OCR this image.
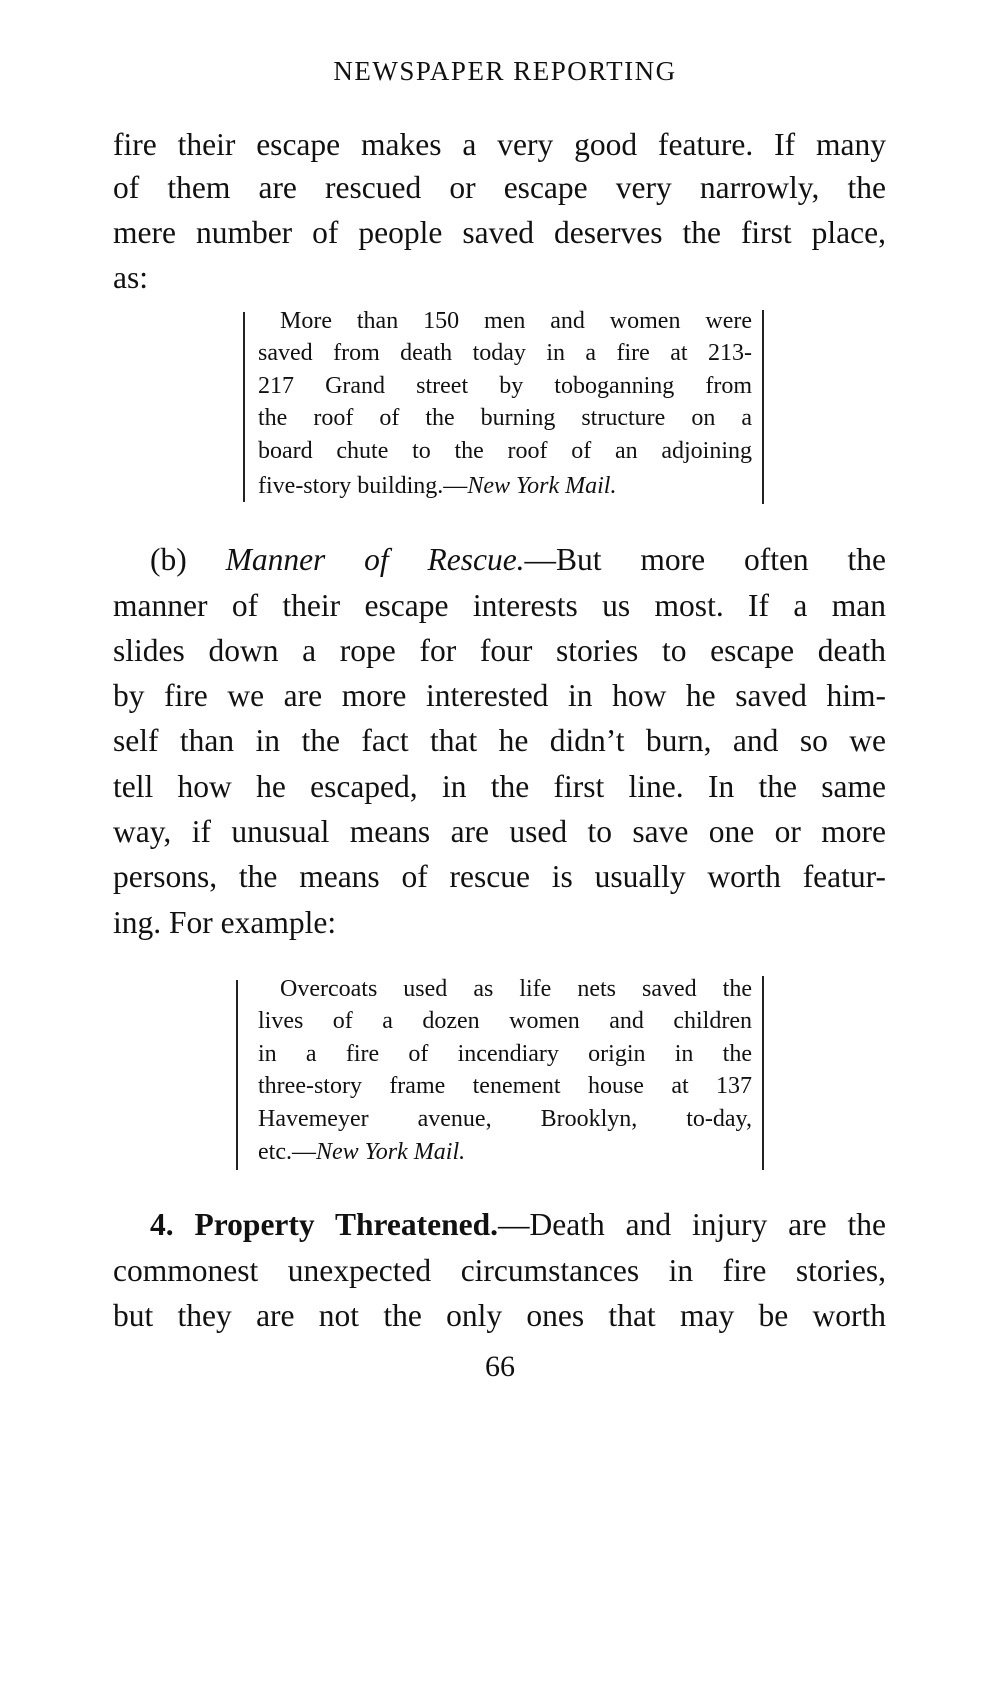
NEWSPAPER REPORTING
fire their escape makes a very good feature. If many
of them are rescued or escape very narrowly, the
mere number of people saved deserves the first place,
as:
More than 150 men and women were
saved from death today in a fire at 213-
217 Grand street by toboganning from
the roof of the burning structure on a
board chute to the roof of an adjoining
five-story building.—New York Mail.
(b) Manner of Rescue.—But more often the
manner of their escape interests us most. If a man
slides down a rope for four stories to escape death
by fire we are more interested in how he saved him-
self than in the fact that he didn’t burn, and so we
tell how he escaped, in the first line. In the same
way, if unusual means are used to save one or more
persons, the means of rescue is usually worth featur-
ing. For example:
Overcoats used as life nets saved the
lives of a dozen women and children
in a fire of incendiary origin in the
three-story frame tenement house at 137
Havemeyer avenue, Brooklyn, to-day,
etc.—New York Mail.
4. Property Threatened.—Death and injury are the
commonest unexpected circumstances in fire stories,
but they are not the only ones that may be worth
66
